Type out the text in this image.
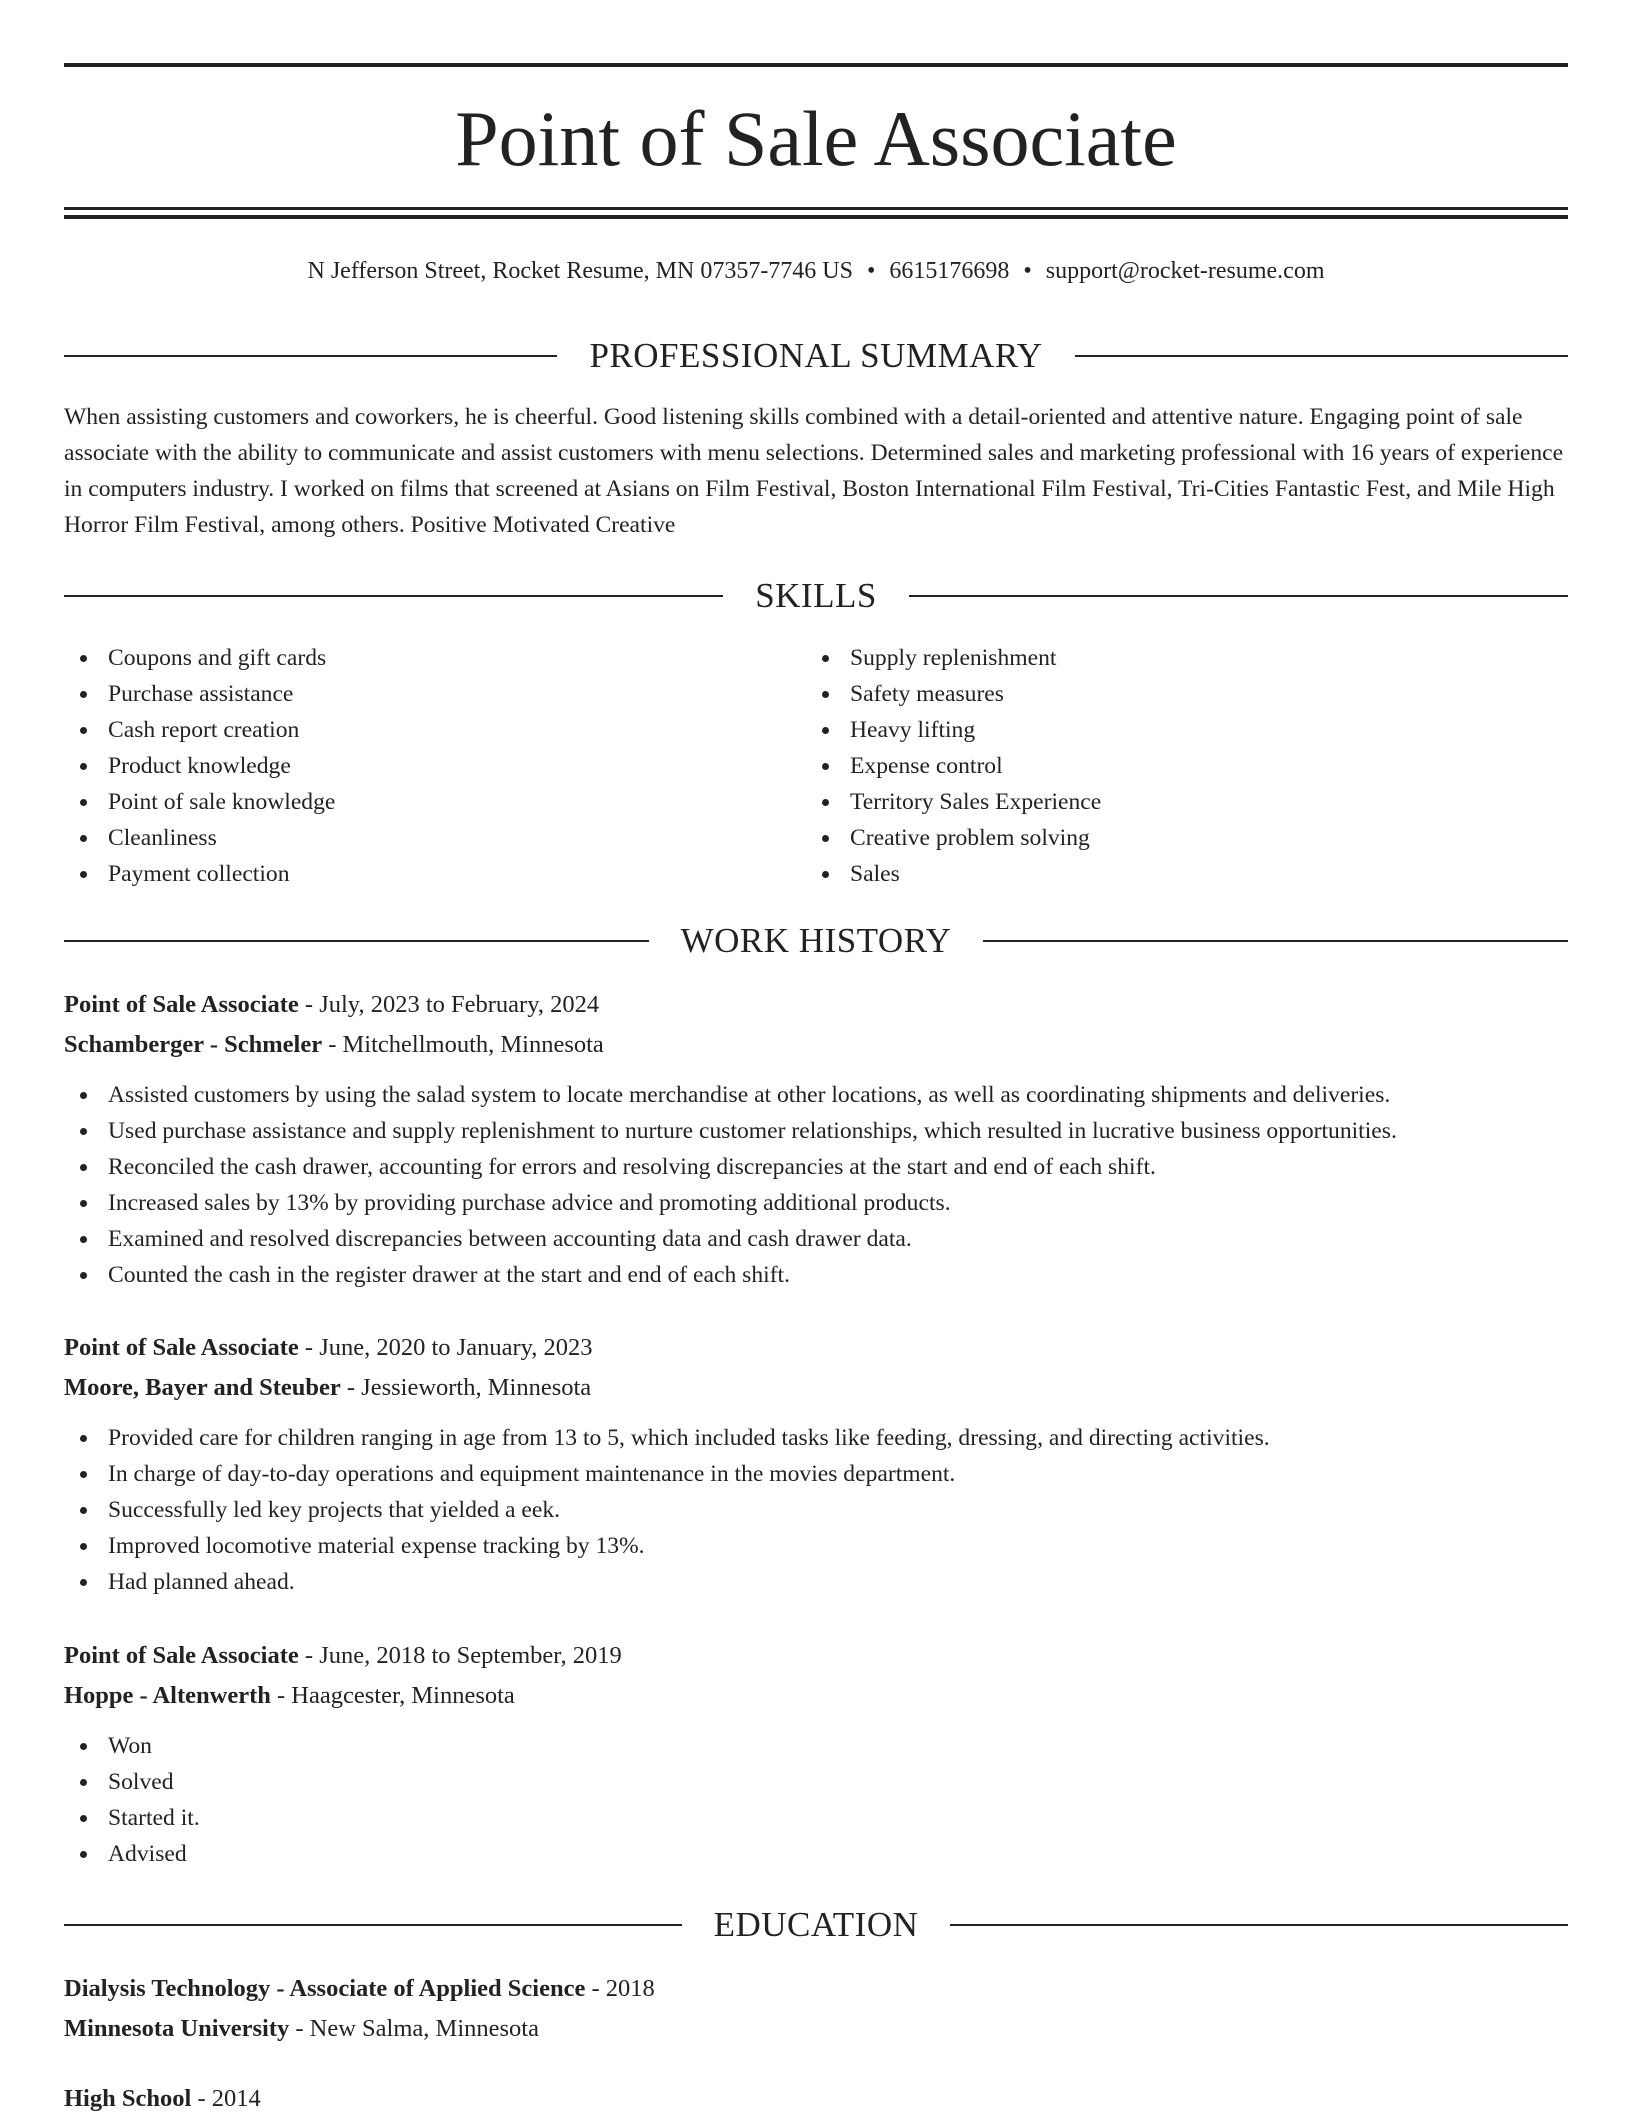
Point of Sale Associate
N Jefferson Street, Rocket Resume, MN 07357-7746 US • 6615176698 • support@rocket-resume.com
PROFESSIONAL SUMMARY

When assisting customers and coworkers, he is cheerful. Good listening skills combined with a detail-oriented and attentive nature. Engaging point of sale associate with the ability to communicate and assist customers with menu selections. Determined sales and marketing professional with 16 years of experience in computers industry. I worked on films that screened at Asians on Film Festival, Boston International Film Festival, Tri-Cities Fantastic Fest, and Mile High Horror Film Festival, among others. Positive Motivated Creative

SKILLS
Coupons and gift cards
Purchase assistance
Cash report creation
Product knowledge
Point of sale knowledge
Cleanliness
Payment collection
Supply replenishment
Safety measures
Heavy lifting
Expense control
Territory Sales Experience
Creative problem solving
Sales
WORK HISTORY

Point of Sale Associate - July, 2023 to February, 2024

Schamberger - Schmeler - Mitchellmouth, Minnesota

Assisted customers by using the salad system to locate merchandise at other locations, as well as coordinating shipments and deliveries.
Used purchase assistance and supply replenishment to nurture customer relationships, which resulted in lucrative business opportunities.
Reconciled the cash drawer, accounting for errors and resolving discrepancies at the start and end of each shift.
Increased sales by 13% by providing purchase advice and promoting additional products.
Examined and resolved discrepancies between accounting data and cash drawer data.
Counted the cash in the register drawer at the start and end of each shift.

Point of Sale Associate - June, 2020 to January, 2023

Moore, Bayer and Steuber - Jessieworth, Minnesota

Provided care for children ranging in age from 13 to 5, which included tasks like feeding, dressing, and directing activities.
In charge of day-to-day operations and equipment maintenance in the movies department.
Successfully led key projects that yielded a eek.
Improved locomotive material expense tracking by 13%.
Had planned ahead.

Point of Sale Associate - June, 2018 to September, 2019

Hoppe - Altenwerth - Haagcester, Minnesota

Won
Solved
Started it.
Advised
EDUCATION

Dialysis Technology - Associate of Applied Science - 2018

Minnesota University - New Salma, Minnesota

High School - 2014
